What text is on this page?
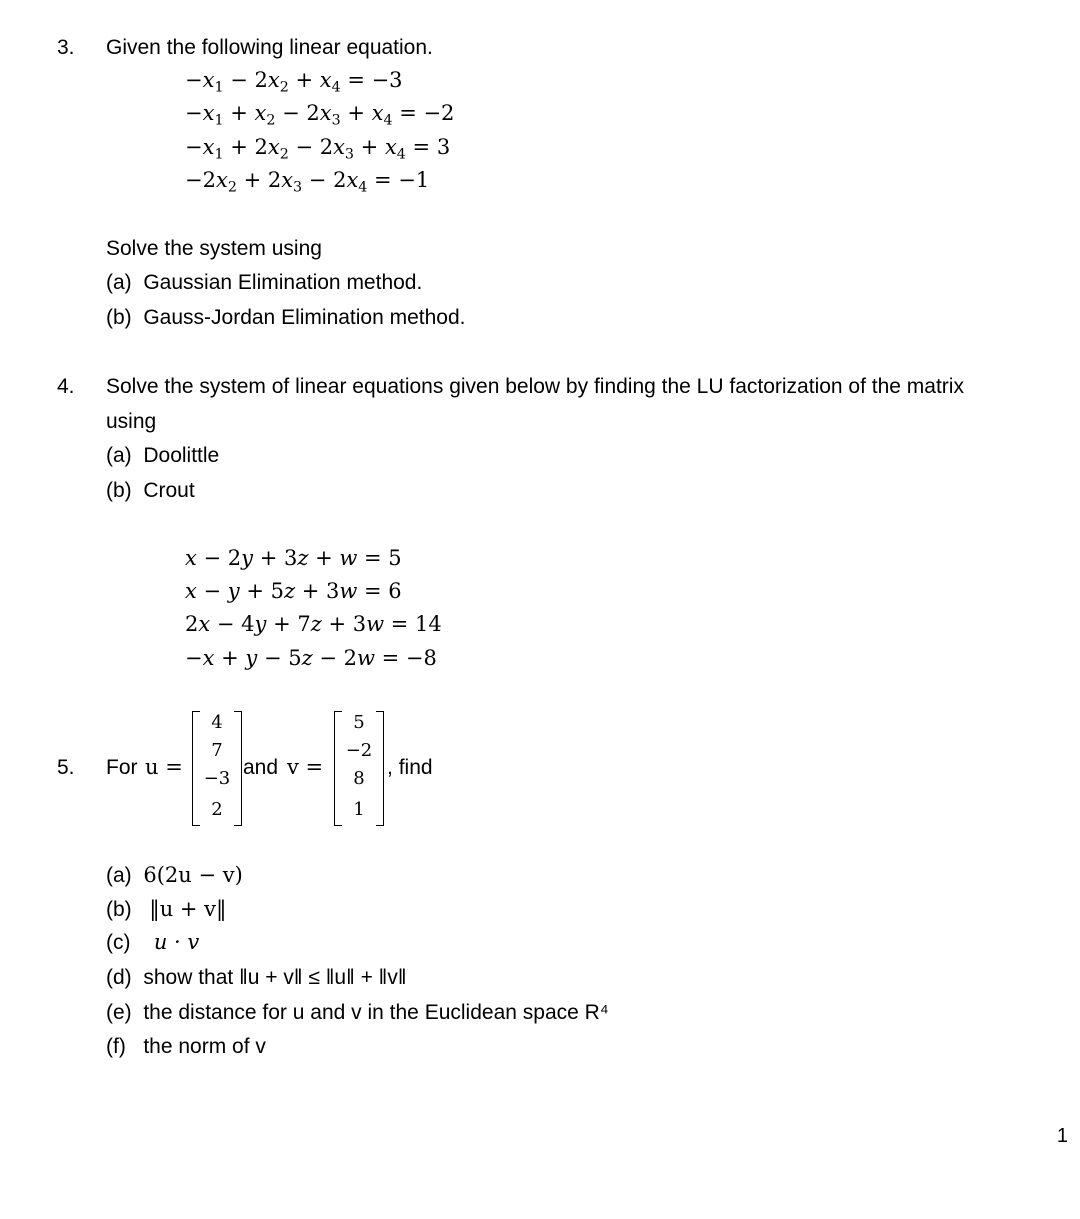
3. Given the following linear equation.
$-x_1 - 2x_2 + x_4 = -3$
$-x_1 + x_2 - 2x_3 + x_4 = -2$
$-x_1 + 2x_2 - 2x_3 + x_4 = 3$
$-2x_2 + 2x_3 - 2x_4 = -1$
Solve the system using
(a) Gaussian Elimination method.
(b) Gauss-Jordan Elimination method.
4. Solve the system of linear equations given below by finding the LU factorization of the matrix
using
(a) Doolittle
(b) Crout
x − 2y + 3z + w = 5
x − y + 5z + 3w = 6
2x − 4y + 7z + 3w = 14
−x + y − 5z − 2w = −8
5. For u =
4
7
−3
2
and v =
5
−2
8
1
, find
(a) 6(2u − v)
(b) ‖u + v‖
(c) u · v
(d) show that ‖u + v‖ ≤ ‖u‖ + ‖v‖
(e) the distance for u and v in the Euclidean space R⁴
(f) the norm of v
1
